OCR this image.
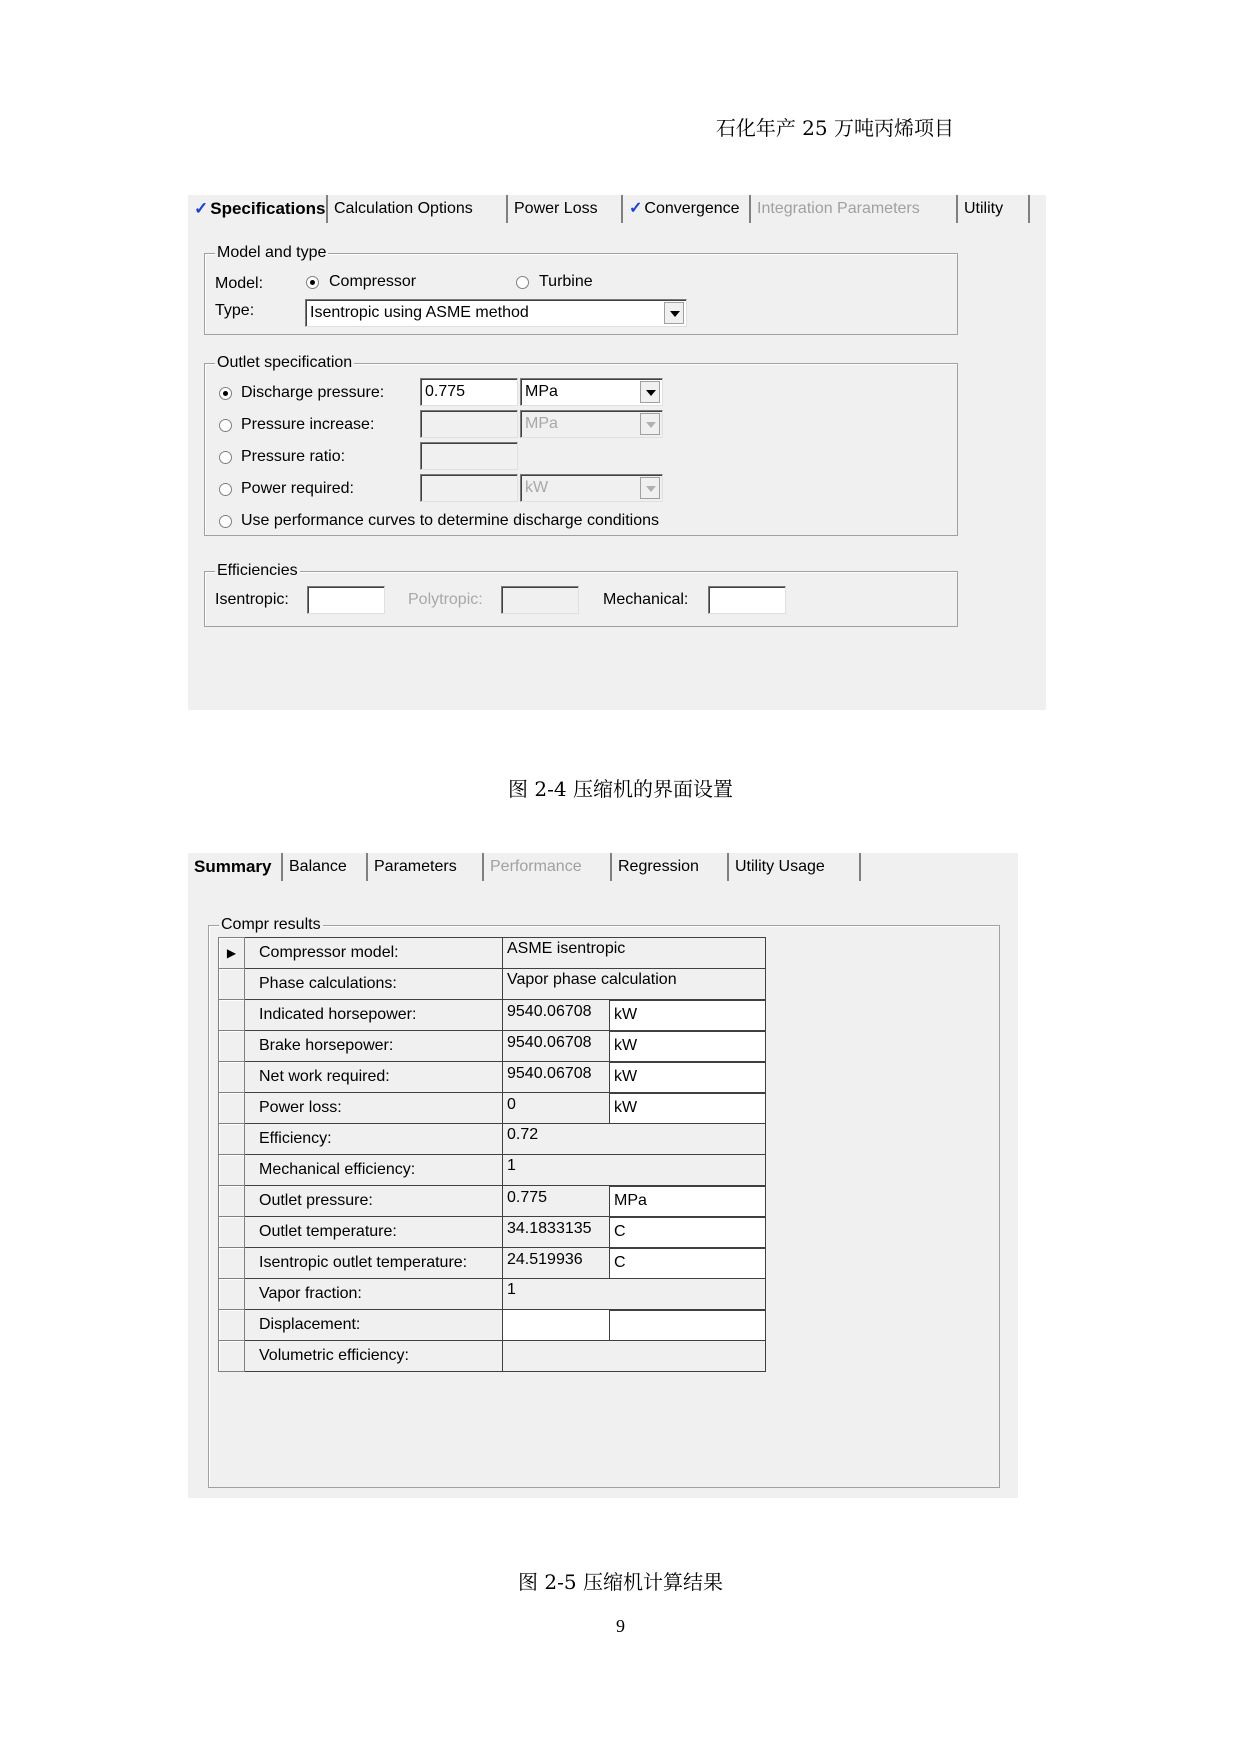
石化年产 25 万吨丙烯项目
✓ Specifications Calculation Options	Power Loss	✓ Convergence	Integration Parameters	Utility
Model and type
Model:	Compressor	Turbine
Type:	Isentropic using ASME method
Outlet specification
Discharge pressure:	0.775	MPa
Pressure increase:	MPa
Pressure ratio:
Power required:	kW
Use performance curves to determine discharge conditions
Efficiencies
Isentropic:	Polytropic:	Mechanical:
图 2-4 压缩机的界面设置
Summary	Balance	Parameters	Performance	Regression	Utility Usage
Compr results
▶	Compressor model:	ASME isentropic	
	Phase calculations:	Vapor phase calculation	
	Indicated horsepower:	9540.06708	kW
	Brake horsepower:	9540.06708	kW
	Net work required:	9540.06708	kW
	Power loss:	0	kW
	Efficiency:	0.72	
	Mechanical efficiency:	1	
	Outlet pressure:	0.775	MPa
	Outlet temperature:	34.1833135	C
	Isentropic outlet temperature:	24.519936	C
	Vapor fraction:	1	
	Displacement:		
	Volumetric efficiency:		
图 2-5 压缩机计算结果
9
